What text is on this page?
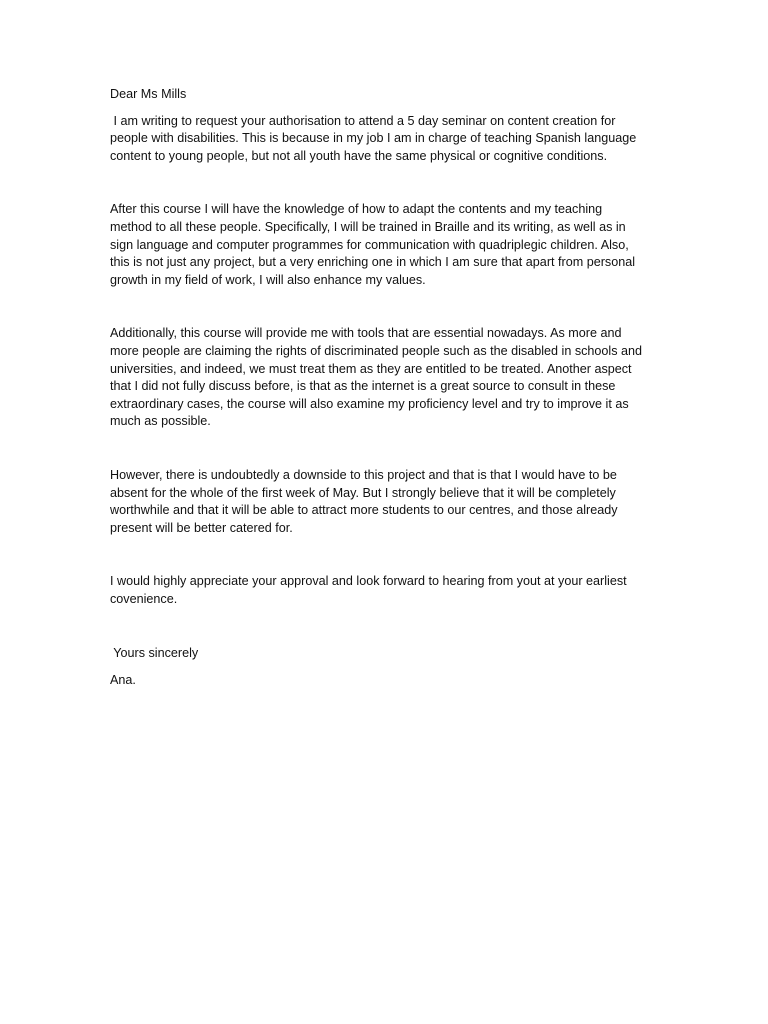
Dear Ms Mills
I am writing to request your authorisation to attend a 5 day seminar on content creation for
people with disabilities. This is because in my job I am in charge of teaching Spanish language
content to young people, but not all youth have the same physical or cognitive conditions.
After this course I will have the knowledge of how to adapt the contents and my teaching
method to all these people. Specifically, I will be trained in Braille and its writing, as well as in
sign language and computer programmes for communication with quadriplegic children. Also,
this is not just any project, but a very enriching one in which I am sure that apart from personal
growth in my field of work, I will also enhance my values.
Additionally, this course will provide me with tools that are essential nowadays. As more and
more people are claiming the rights of discriminated people such as the disabled in schools and
universities, and indeed, we must treat them as they are entitled to be treated. Another aspect
that I did not fully discuss before, is that as the internet is a great source to consult in these
extraordinary cases, the course will also examine my proficiency level and try to improve it as
much as possible.
However, there is undoubtedly a downside to this project and that is that I would have to be
absent for the whole of the first week of May. But I strongly believe that it will be completely
worthwhile and that it will be able to attract more students to our centres, and those already
present will be better catered for.
I would highly appreciate your approval and look forward to hearing from yout at your earliest
covenience.
Yours sincerely
Ana.
